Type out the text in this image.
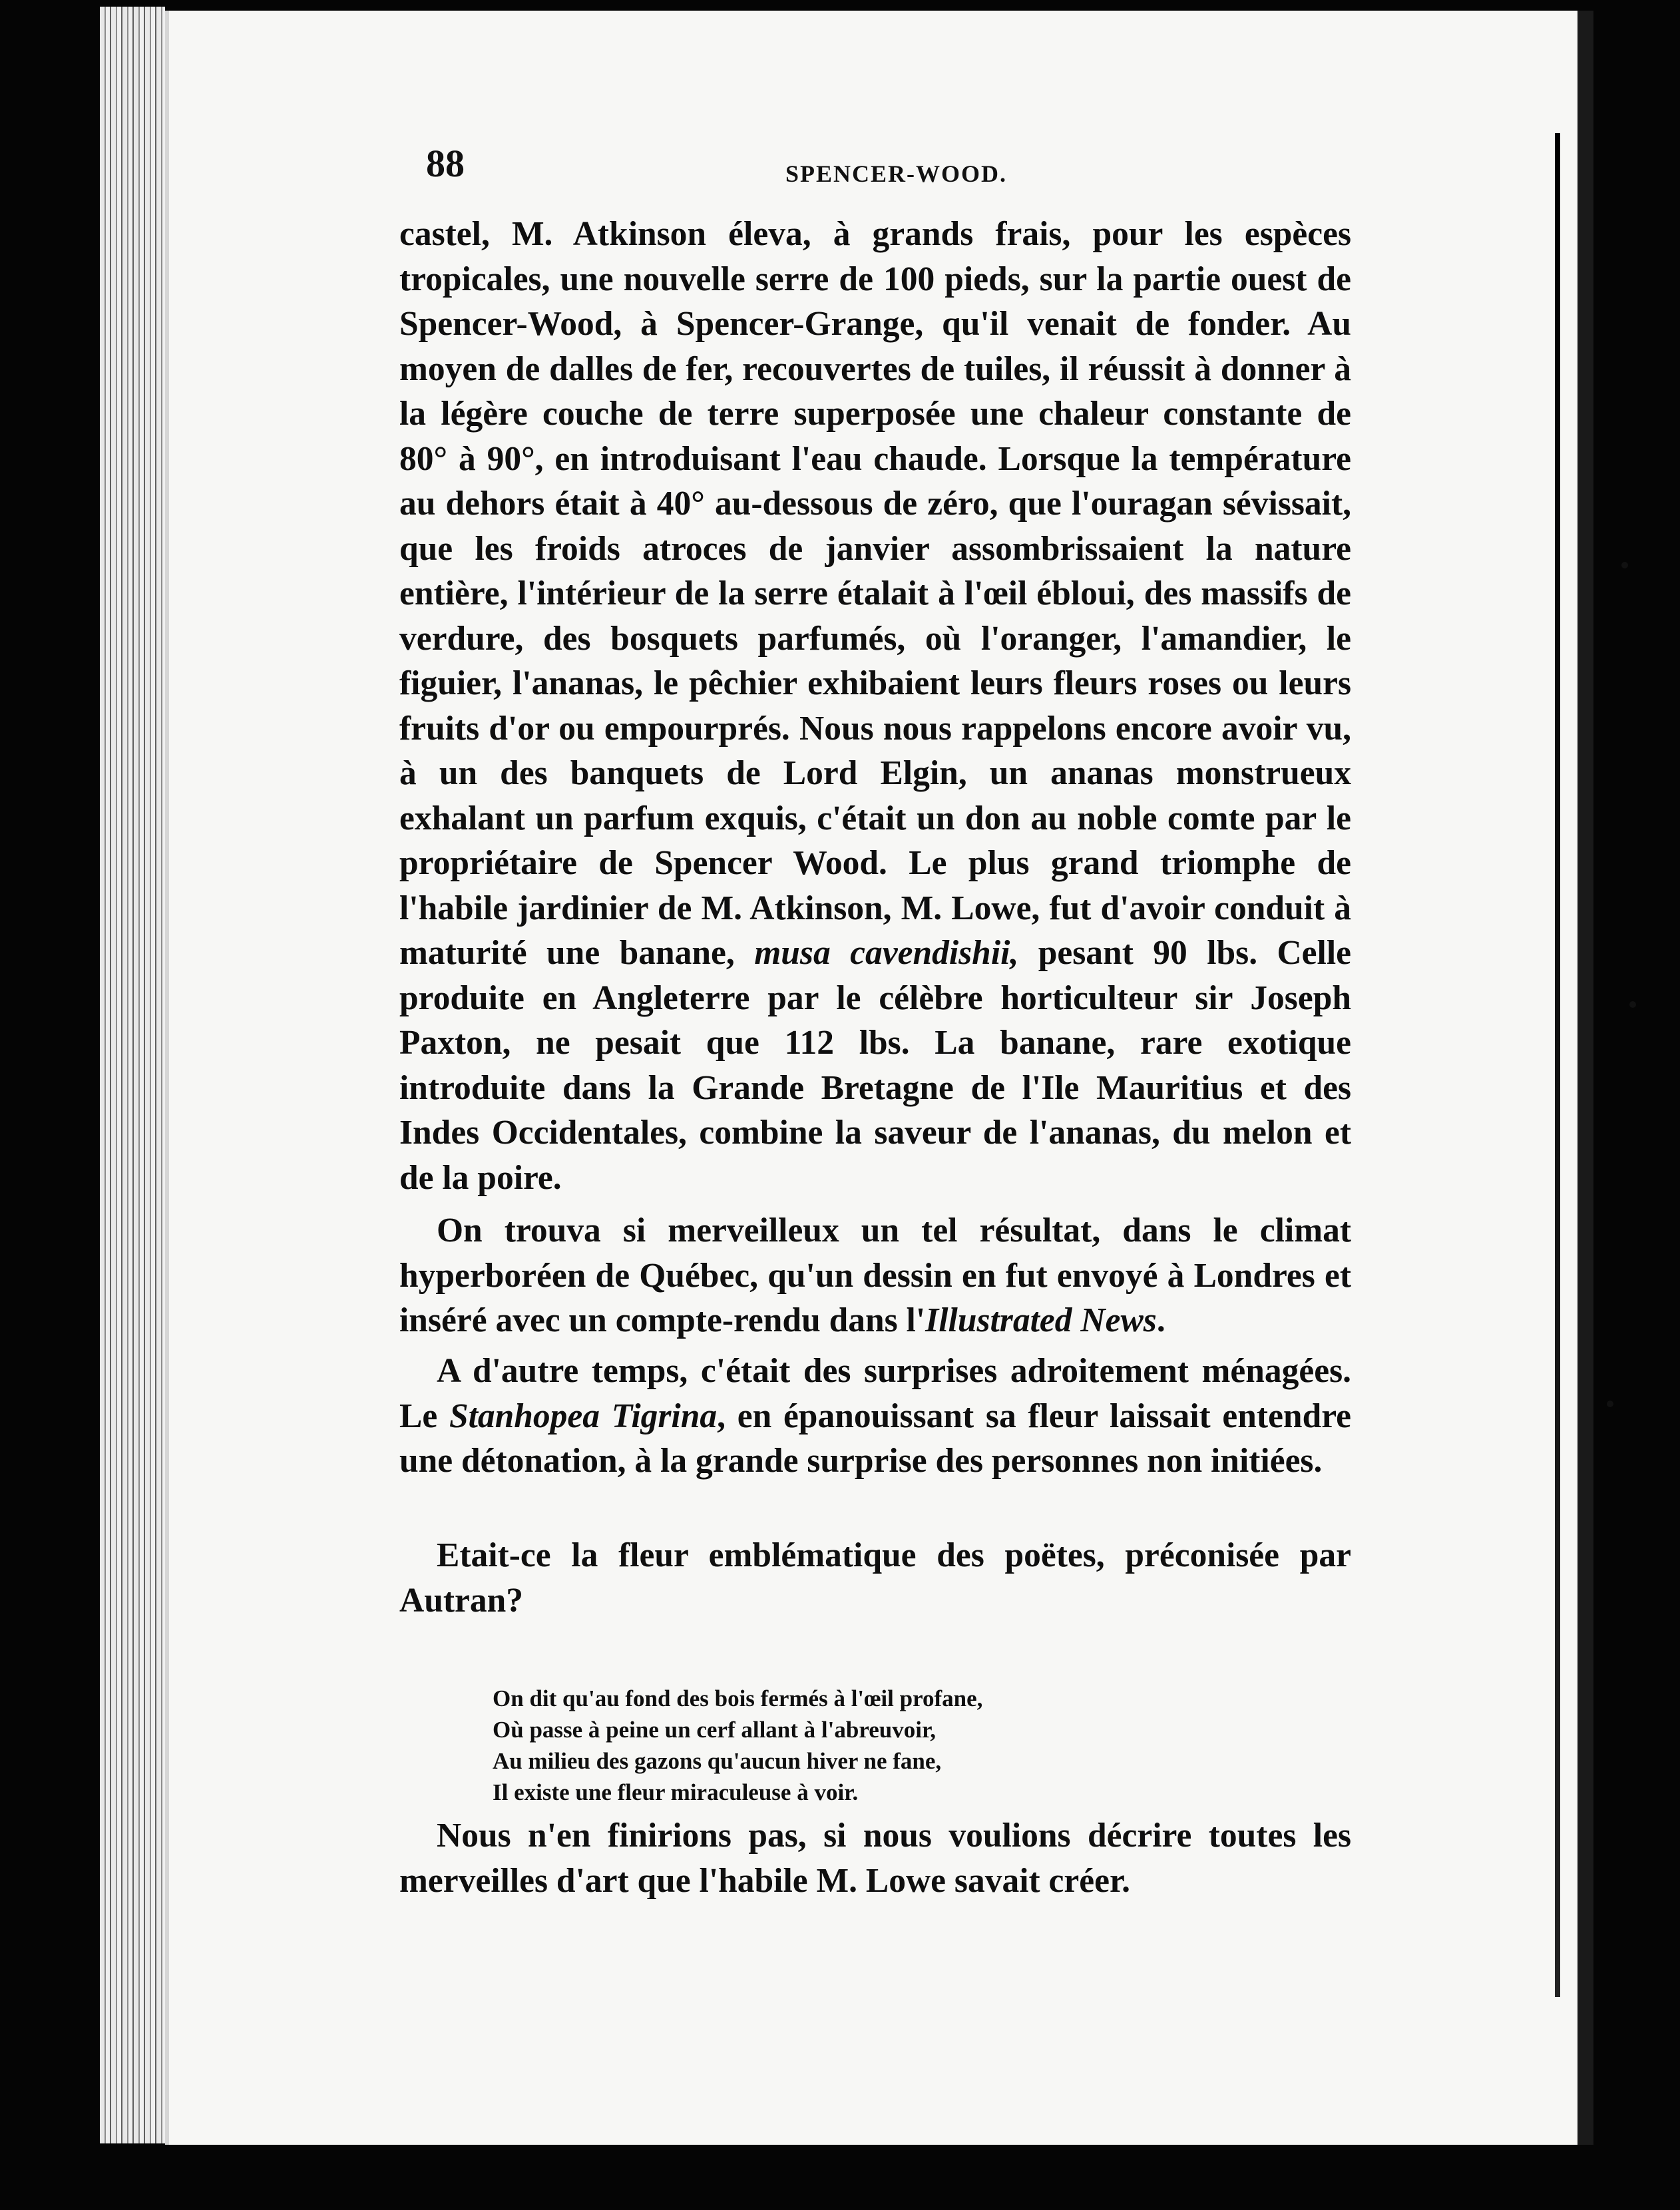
88	SPENCER-WOOD.

castel, M. Atkinson éleva, à grands frais, pour les espèces tropicales, une nouvelle serre de 100 pieds, sur la partie ouest de Spencer-Wood, à Spencer-Grange, qu'il venait de fonder. Au moyen de dalles de fer, recouvertes de tuiles, il réussit à donner à la légère couche de terre superposée une chaleur constante de 80° à 90°, en introduisant l'eau chaude. Lorsque la température au dehors était à 40° au-dessous de zéro, que l'ouragan sévissait, que les froids atroces de janvier assombrissaient la nature entière, l'intérieur de la serre étalait à l'œil ébloui, des massifs de verdure, des bosquets parfumés, où l'oranger, l'amandier, le figuier, l'ananas, le pêchier exhibaient leurs fleurs roses ou leurs fruits d'or ou empourprés. Nous nous rappelons encore avoir vu, à un des banquets de Lord Elgin, un ananas monstrueux exhalant un parfum exquis, c'était un don au noble comte par le propriétaire de Spencer Wood. Le plus grand triomphe de l'habile jardinier de M. Atkinson, M. Lowe, fut d'avoir conduit à maturité une banane, musa cavendishii, pesant 90 lbs. Celle produite en Angleterre par le célèbre horticulteur sir Joseph Paxton, ne pesait que 112 lbs. La banane, rare exotique introduite dans la Grande Bretagne de l'Ile Mauritius et des Indes Occidentales, combine la saveur de l'ananas, du melon et de la poire.

On trouva si merveilleux un tel résultat, dans le climat hyperboréen de Québec, qu'un dessin en fut envoyé à Londres et inséré avec un compte-rendu dans l'Illustrated News.

A d'autre temps, c'était des surprises adroitement ménagées. Le Stanhopea Tigrina, en épanouissant sa fleur laissait entendre une détonation, à la grande surprise des personnes non initiées.

Etait-ce la fleur emblématique des poëtes, préconisée par Autran?

On dit qu'au fond des bois fermés à l'œil profane,
Où passe à peine un cerf allant à l'abreuvoir,
Au milieu des gazons qu'aucun hiver ne fane,
Il existe une fleur miraculeuse à voir.

Nous n'en finirions pas, si nous voulions décrire toutes les merveilles d'art que l'habile M. Lowe savait créer.
